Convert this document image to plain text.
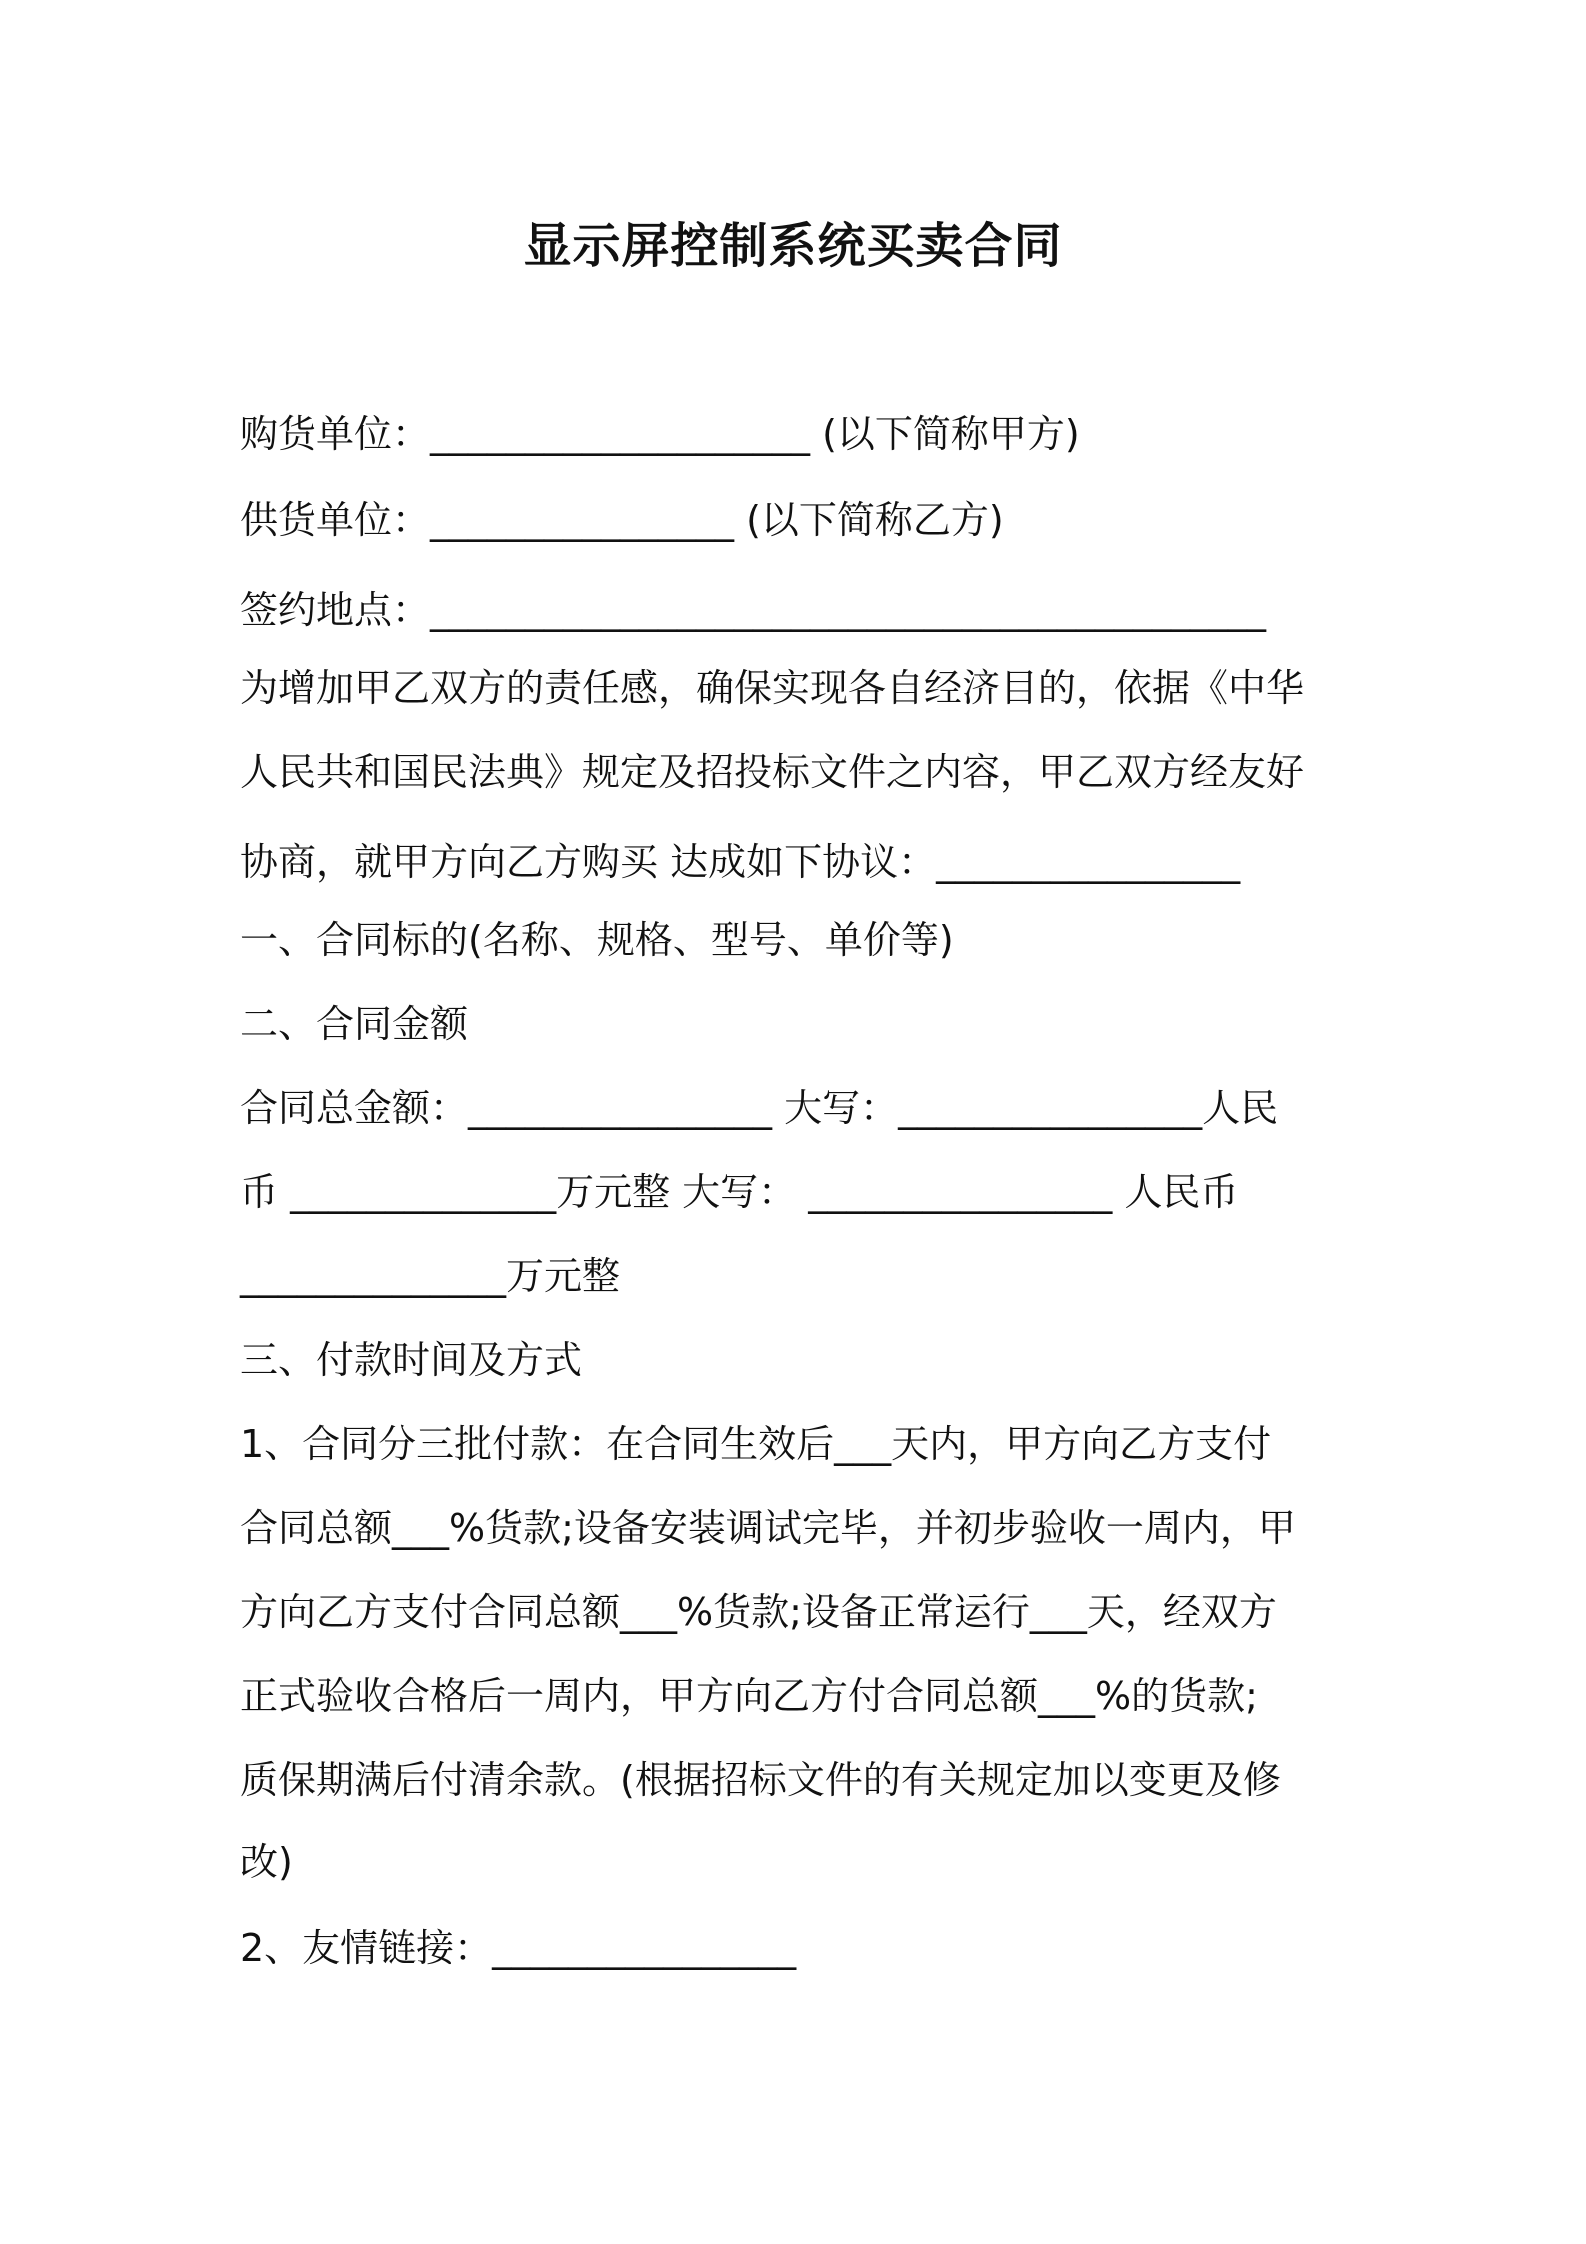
显示屏控制系统买卖合同
购货单位：____________________ (以下简称甲方)
供货单位：________________ (以下简称乙方)
签约地点：____________________________________________
为增加甲乙双方的责任感，确保实现各自经济目的，依据《中华
人民共和国民法典》规定及招投标文件之内容，甲乙双方经友好
协商，就甲方向乙方购买 达成如下协议：________________
一、合同标的(名称、规格、型号、单价等)
二、合同金额
合同总金额：________________ 大写：________________人民
币 ______________万元整 大写： ________________ 人民币
______________万元整
三、付款时间及方式
1、合同分三批付款：在合同生效后___天内，甲方向乙方支付
合同总额___%货款;设备安装调试完毕，并初步验收一周内，甲
方向乙方支付合同总额___%货款;设备正常运行___天，经双方
正式验收合格后一周内，甲方向乙方付合同总额___%的货款;
质保期满后付清余款。(根据招标文件的有关规定加以变更及修
改)
2、友情链接：________________
